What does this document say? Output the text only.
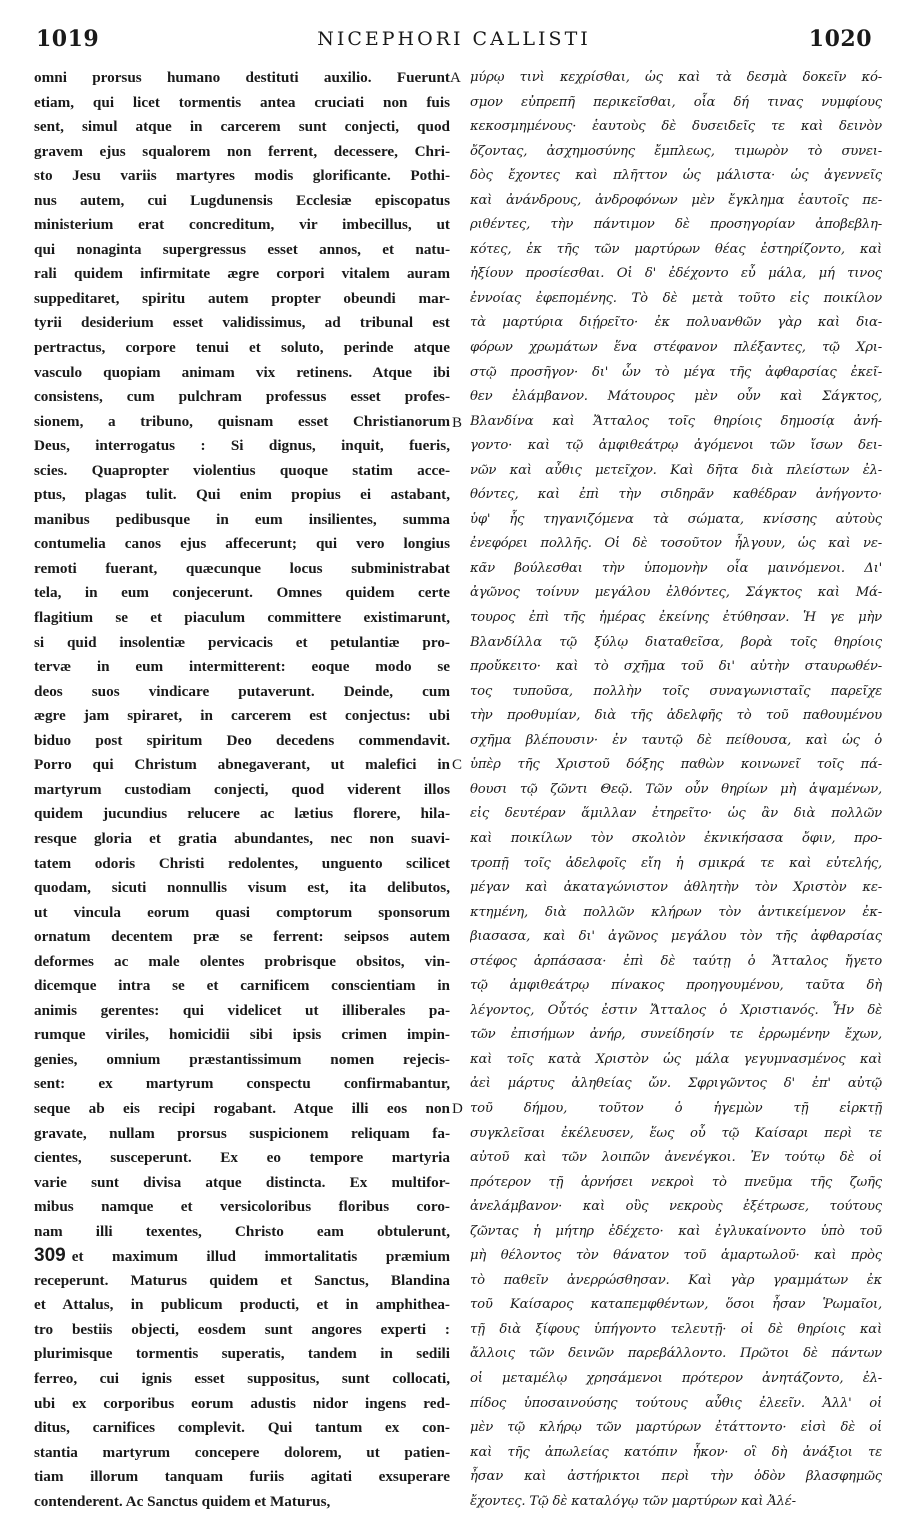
1019	NICEPHORI CALLISTI	1020
omni prorsus humano destituti auxilio. Fuerunt
etiam, qui licet tormentis antea cruciati non fuis
sent, simul atque in carcerem sunt conjecti, quod
gravem ejus squalorem non ferrent, decessere, Chri-
sto Jesu variis martyres modis glorificante. Pothi-
nus autem, cui Lugdunensis Ecclesiæ episcopatus
ministerium erat concreditum, vir imbecillus, ut
qui nonaginta supergressus esset annos, et natu-
rali quidem infirmitate ægre corpori vitalem auram
suppeditaret, spiritu autem propter obeundi mar-
tyrii desiderium esset validissimus, ad tribunal est
pertractus, corpore tenui et soluto, perinde atque
vasculo quopiam animam vix retinens. Atque ibi
consistens, cum pulchram professus esset profes-
sionem, a tribuno, quisnam esset Christianorum
Deus, interrogatus : Si dignus, inquit, fueris,
scies. Quapropter violentius quoque statim acce-
ptus, plagas tulit. Qui enim propius ei astabant,
manibus pedibusque in eum insilientes, summa
contumelia canos ejus affecerunt; qui vero longius
remoti fuerant, quæcunque locus subministrabat
tela, in eum conjecerunt. Omnes quidem certe
flagitium se et piaculum committere existimarunt,
si quid insolentiæ pervicacis et petulantiæ pro-
tervæ in eum intermitterent: eoque modo se
deos suos vindicare putaverunt. Deinde, cum
ægre jam spiraret, in carcerem est conjectus: ubi
biduo post spiritum Deo decedens commendavit.
Porro qui Christum abnegaverant, ut malefici in
martyrum custodiam conjecti, quod viderent illos
quidem jucundius relucere ac lætius florere, hila-
resque gloria et gratia abundantes, nec non suavi-
tatem odoris Christi redolentes, unguento scilicet
quodam, sicuti nonnullis visum est, ita delibutos,
ut vincula eorum quasi comptorum sponsorum
ornatum decentem præ se ferrent: seipsos autem
deformes ac male olentes probrisque obsitos, vin-
dicemque intra se et carnificem conscientiam in
animis gerentes: qui videlicet ut illiberales pa-
rumque viriles, homicidii sibi ipsis crimen impin-
genies, omnium præstantissimum nomen rejecis-
sent: ex martyrum conspectu confirmabantur,
seque ab eis recipi rogabant. Atque illi eos non
gravate, nullam prorsus suspicionem reliquam fa-
cientes, susceperunt. Ex eo tempore martyria
varie sunt divisa atque distincta. Ex multifor-
mibus namque et versicoloribus floribus coro-
nam illi texentes, Christo eam obtulerunt,
309 et maximum illud immortalitatis præmium
receperunt. Maturus quidem et Sanctus, Blandina
et Attalus, in publicum producti, et in amphithea-
tro bestiis objecti, eosdem sunt angores experti :
plurimisque tormentis superatis, tandem in sedili
ferreo, cui ignis esset suppositus, sunt collocati,
ubi ex corporibus eorum adustis nidor ingens red-
ditus, carnifices complevit. Qui tantum ex con-
stantia martyrum concepere dolorem, ut patien-
tiam illorum tanquam furiis agitati exsuperare
contenderent. Ac Sanctus quidem et Maturus,
μύρῳ τινὶ κεχρίσθαι, ὡς καὶ τὰ δεσμὰ δοκεῖν κό-
σμον εὐπρεπῆ περικεῖσθαι, οἷα δή τινας νυμφίους
κεκοσμημένους· ἑαυτοὺς δὲ δυσειδεῖς τε καὶ δεινὸν
ὄζοντας, ἀσχημοσύνης ἔμπλεως, τιμωρὸν τὸ συνει-
δὸς ἔχοντες καὶ πλῆττον ὡς μάλιστα· ὡς ἀγεννεῖς
καὶ ἀνάνδρους, ἀνδροφόνων μὲν ἔγκλημα ἑαυτοῖς πε-
ριθέντες, τὴν πάντιμον δὲ προσηγορίαν ἀποβεβλη-
κότες, ἐκ τῆς τῶν μαρτύρων θέας ἐστηρίζοντο, καὶ
ἠξίουν προσίεσθαι. Οἱ δ' ἐδέχοντο εὖ μάλα, μή τινος
ἐννοίας ἐφεπομένης. Τὸ δὲ μετὰ τοῦτο εἰς ποικίλον
τὰ μαρτύρια διῄρεῖτο· ἐκ πολυανθῶν γὰρ καὶ δια-
φόρων χρωμάτων ἕνα στέφανον πλέξαντες, τῷ Χρι-
στῷ προσῆγον· δι' ὧν τὸ μέγα τῆς ἀφθαρσίας ἐκεῖ-
θεν ἐλάμβανον. Μάτουρος μὲν οὖν καὶ Σάγκτος,
Βλανδίνα καὶ Ἄτταλος τοῖς θηρίοις δημοσίᾳ ἀνή-
γοντο· καὶ τῷ ἀμφιθεάτρῳ ἀγόμενοι τῶν ἴσων δει-
νῶν καὶ αὖθις μετεῖχον. Καὶ δῆτα διὰ πλείστων ἐλ-
θόντες, καὶ ἐπὶ τὴν σιδηρᾶν καθέδραν ἀνήγοντο·
ὑφ' ἧς τηγανιζόμενα τὰ σώματα, κνίσσης αὐτοὺς
ἐνεφόρει πολλῆς. Οἱ δὲ τοσοῦτον ἧλγουν, ὡς καὶ νε-
κᾶν βούλεσθαι τὴν ὑπομονὴν οἷα μαινόμενοι. Δι'
ἀγῶνος τοίνυν μεγάλου ἐλθόντες, Σάγκτος καὶ Μά-
τουρος ἐπὶ τῆς ἡμέρας ἐκείνης ἐτύθησαν. Ἡ γε μὴν
Βλανδίλλα τῷ ξύλῳ διαταθεῖσα, βορὰ τοῖς θηρίοις
προὔκειτο· καὶ τὸ σχῆμα τοῦ δι' αὐτὴν σταυρωθέν-
τος τυποῦσα, πολλὴν τοῖς συναγωνισταῖς παρεῖχε
τὴν προθυμίαν, διὰ τῆς ἀδελφῆς τὸ τοῦ παθουμένου
σχῆμα βλέπουσιν· ἐν ταυτῷ δὲ πείθουσα, καὶ ὡς ὁ
ὑπὲρ τῆς Χριστοῦ δόξης παθὼν κοινωνεῖ τοῖς πά-
θουσι τῷ ζῶντι Θεῷ. Τῶν οὖν θηρίων μὴ ἁψαμένων,
εἰς δευτέραν ἅμιλλαν ἐτηρεῖτο· ὡς ἂν διὰ πολλῶν
καὶ ποικίλων τὸν σκολιὸν ἐκνικήσασα ὄφιν, προ-
τροπῇ τοῖς ἀδελφοῖς εἴη ἡ σμικρά τε καὶ εὐτελής,
μέγαν καὶ ἀκαταγώνιστον ἀθλητὴν τὸν Χριστὸν κε-
κτημένη, διὰ πολλῶν κλήρων τὸν ἀντικείμενον ἐκ-
βιασασα, καὶ δι' ἀγῶνος μεγάλου τὸν τῆς ἀφθαρσίας
στέφος ἁρπάσασα· ἐπὶ δὲ ταύτῃ ὁ Ἄτταλος ἤγετο
τῷ ἀμφιθεάτρῳ πίνακος προηγουμένου, ταῦτα δὴ
λέγοντος, Οὗτός ἐστιν Ἄτταλος ὁ Χριστιανός. Ἦν δὲ
τῶν ἐπισήμων ἀνήρ, συνείδησίν τε ἐρρωμένην ἔχων,
καὶ τοῖς κατὰ Χριστὸν ὡς μάλα γεγυμνασμένος καὶ
ἀεὶ μάρτυς ἀληθείας ὤν. Σφριγῶντος δ' ἐπ' αὐτῷ
τοῦ δήμου, τοῦτον ὁ ἡγεμὼν τῇ εἱρκτῇ
συγκλεῖσαι ἐκέλευσεν, ἕως οὗ τῷ Καίσαρι περὶ τε
αὐτοῦ καὶ τῶν λοιπῶν ἀνενέγκοι. Ἐν τούτῳ δὲ οἱ
πρότερον τῇ ἀρνήσει νεκροὶ τὸ πνεῦμα τῆς ζωῆς
ἀνελάμβανον· καὶ οὓς νεκροὺς ἐξέτρωσε, τούτους
ζῶντας ἡ μήτηρ ἐδέχετο· καὶ ἐγλυκαίνοντο ὑπὸ τοῦ
μὴ θέλοντος τὸν θάνατον τοῦ ἁμαρτωλοῦ· καὶ πρὸς
τὸ παθεῖν ἀνερρώσθησαν. Καὶ γὰρ γραμμάτων ἐκ
τοῦ Καίσαρος καταπεμφθέντων, ὅσοι ἦσαν Ῥωμαῖοι,
τῇ διὰ ξίφους ὑπήγοντο τελευτῇ· οἱ δὲ θηρίοις καὶ
ἄλλοις τῶν δεινῶν παρεβάλλοντο. Πρῶτοι δὲ πάντων
οἱ μεταμέλῳ χρησάμενοι πρότερον ἀνητάζοντο, ἐλ-
πίδος ὑποσαινούσης τούτους αὖθις ἐλεεῖν. Ἀλλ' οἱ
μὲν τῷ κλήρῳ τῶν μαρτύρων ἐτάττοντο· εἰσὶ δὲ οἱ
καὶ τῆς ἀπωλείας κατόπιν ἧκον· οἳ δὴ ἀνάξιοι τε
ἦσαν καὶ ἀστήρικτοι περὶ τὴν ὁδὸν βλασφημῶς
ἔχοντες. Τῷ δὲ καταλόγῳ τῶν μαρτύρων καὶ Ἀλέ-
A
B
C
D
